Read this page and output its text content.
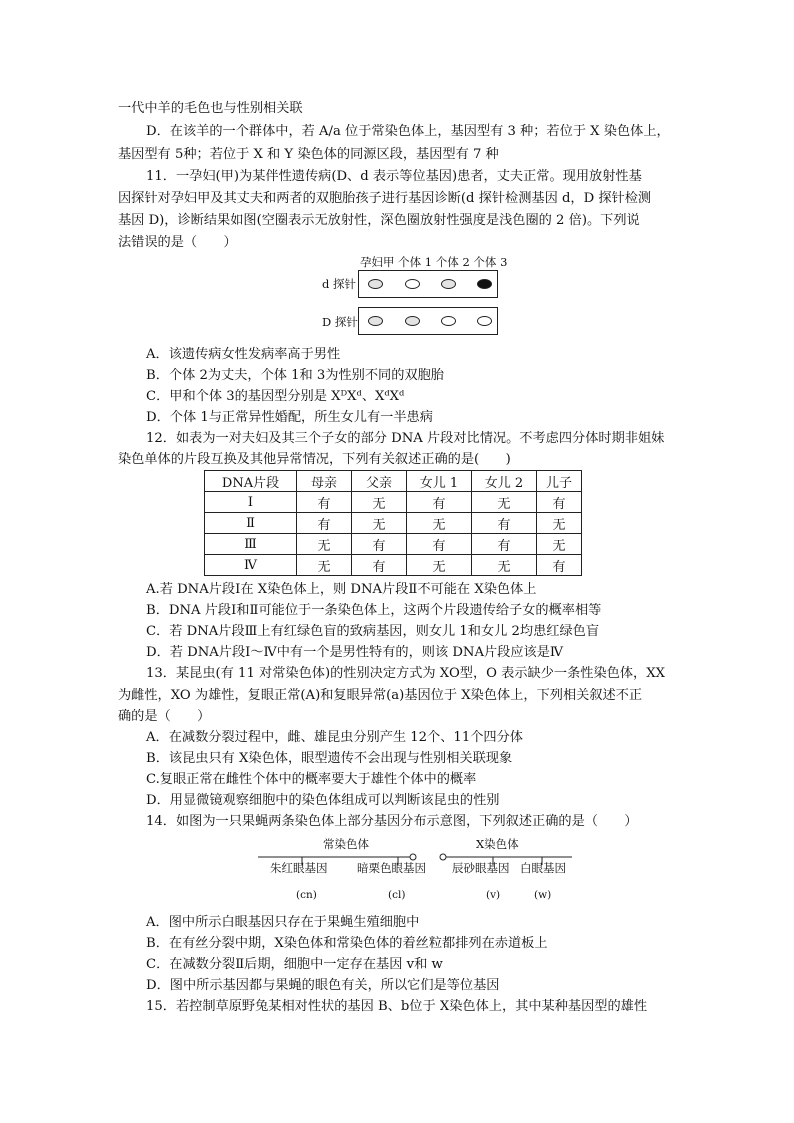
一代中羊的毛色也与性别相关联
D．在该羊的一个群体中，若 A/a 位于常染色体上，基因型有 3 种；若位于 X 染色体上，
基因型有 5种；若位于 X 和 Y 染色体的同源区段，基因型有 7 种
11．一孕妇(甲)为某伴性遗传病(D、d 表示等位基因)患者，丈夫正常。现用放射性基
因探针对孕妇甲及其丈夫和两者的双胞胎孩子进行基因诊断(d 探针检测基因 d，D 探针检测
基因 D)，诊断结果如图(空圈表示无放射性，深色圈放射性强度是浅色圈的 2 倍)。下列说
法错误的是（　　）
孕妇甲 个体 1 个体 2 个体 3
d 探针
D 探针
A．该遗传病女性发病率高于男性
B．个体 2为丈夫，个体 1和 3为性别不同的双胞胎
C．甲和个体 3的基因型分别是 XᴰXᵈ、XᵈXᵈ
D．个体 1与正常异性婚配，所生女儿有一半患病
12．如表为一对夫妇及其三个子女的部分 DNA 片段对比情况。不考虑四分体时期非姐妹
染色单体的片段互换及其他异常情况，下列有关叙述正确的是(　　)
DNA片段	母亲	父亲	女儿 1	女儿 2	儿子
Ⅰ	有	无	有	无	有
Ⅱ	有	无	无	有	无
Ⅲ	无	有	有	有	无
Ⅳ	无	有	无	无	有
A.若 DNA片段Ⅰ在 X染色体上，则 DNA片段Ⅱ不可能在 X染色体上
B．DNA 片段Ⅰ和Ⅱ可能位于一条染色体上，这两个片段遗传给子女的概率相等
C．若 DNA片段Ⅲ上有红绿色盲的致病基因，则女儿 1和女儿 2均患红绿色盲
D．若 DNA片段Ⅰ～Ⅳ中有一个是男性特有的，则该 DNA片段应该是Ⅳ
13．某昆虫(有 11 对常染色体)的性别决定方式为 XO型，O 表示缺少一条性染色体，XX
为雌性，XO 为雄性，复眼正常(A)和复眼异常(a)基因位于 X染色体上，下列相关叙述不正
确的是（　　）
A．在减数分裂过程中，雌、雄昆虫分别产生 12个、11个四分体
B．该昆虫只有 X染色体，眼型遗传不会出现与性别相关联现象
C.复眼正常在雌性个体中的概率要大于雄性个体中的概率
D．用显微镜观察细胞中的染色体组成可以判断该昆虫的性别
14．如图为一只果蝇两条染色体上部分基因分布示意图，下列叙述正确的是（　　）
常染色体	X染色体
朱红眼基因	暗栗色眼基因 辰砂眼基因 白眼基因
(cn)	(cl)	(v)	(w)
A．图中所示白眼基因只存在于果蝇生殖细胞中
B．在有丝分裂中期，X染色体和常染色体的着丝粒都排列在赤道板上
C．在减数分裂Ⅱ后期，细胞中一定存在基因 v和 w
D．图中所示基因都与果蝇的眼色有关，所以它们是等位基因
15．若控制草原野兔某相对性状的基因 B、b位于 X染色体上，其中某种基因型的雄性
